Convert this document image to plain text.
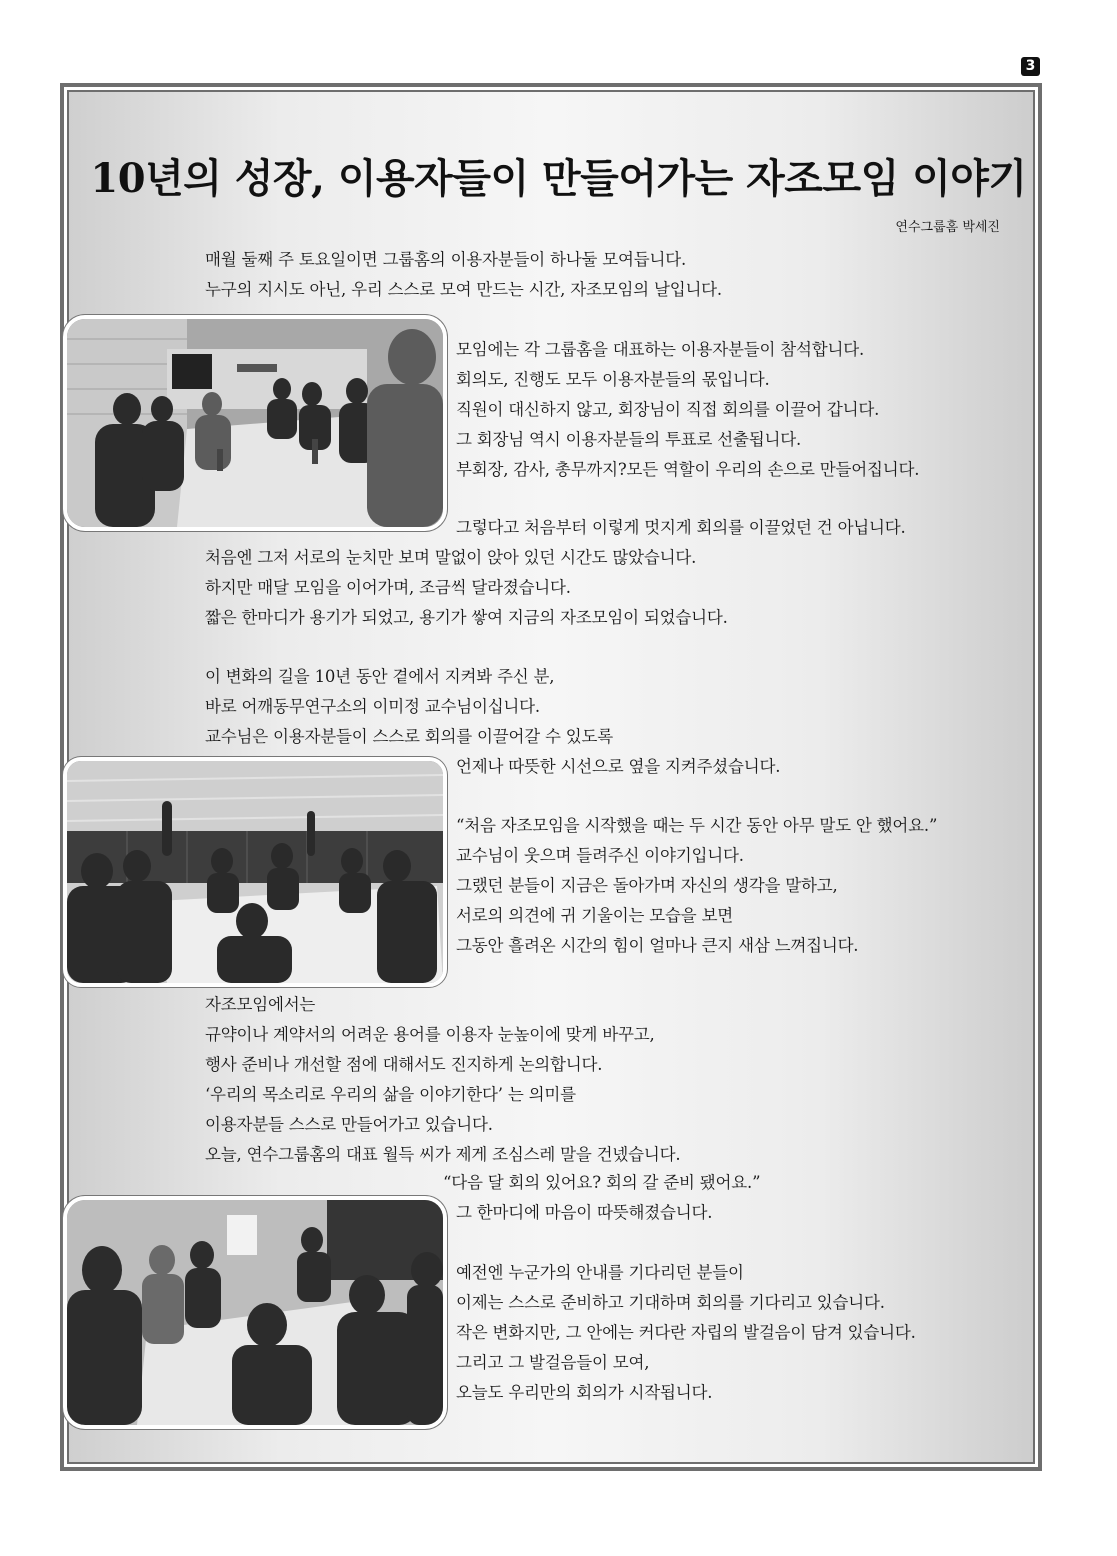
3
10년의 성장, 이용자들이 만들어가는 자조모임 이야기
연수그룹홈 박세진
매월 둘째 주 토요일이면 그룹홈의 이용자분들이 하나둘 모여듭니다.
누구의 지시도 아닌, 우리 스스로 모여 만드는 시간, 자조모임의 날입니다.
모임에는 각 그룹홈을 대표하는 이용자분들이 참석합니다.
회의도, 진행도 모두 이용자분들의 몫입니다.
직원이 대신하지 않고, 회장님이 직접 회의를 이끌어 갑니다.
그 회장님 역시 이용자분들의 투표로 선출됩니다.
부회장, 감사, 총무까지?모든 역할이 우리의 손으로 만들어집니다.
그렇다고 처음부터 이렇게 멋지게 회의를 이끌었던 건 아닙니다.
처음엔 그저 서로의 눈치만 보며 말없이 앉아 있던 시간도 많았습니다.
하지만 매달 모임을 이어가며, 조금씩 달라졌습니다.
짧은 한마디가 용기가 되었고, 용기가 쌓여 지금의 자조모임이 되었습니다.
이 변화의 길을 10년 동안 곁에서 지켜봐 주신 분,
바로 어깨동무연구소의 이미정 교수님이십니다.
교수님은 이용자분들이 스스로 회의를 이끌어갈 수 있도록
언제나 따뜻한 시선으로 옆을 지켜주셨습니다.
“처음 자조모임을 시작했을 때는 두 시간 동안 아무 말도 안 했어요.”
교수님이 웃으며 들려주신 이야기입니다.
그랬던 분들이 지금은 돌아가며 자신의 생각을 말하고,
서로의 의견에 귀 기울이는 모습을 보면
그동안 흘려온 시간의 힘이 얼마나 큰지 새삼 느껴집니다.
자조모임에서는
규약이나 계약서의 어려운 용어를 이용자 눈높이에 맞게 바꾸고,
행사 준비나 개선할 점에 대해서도 진지하게 논의합니다.
‘우리의 목소리로 우리의 삶을 이야기한다’ 는 의미를
이용자분들 스스로 만들어가고 있습니다.
오늘, 연수그룹홈의 대표 월득 씨가 제게 조심스레 말을 건넸습니다.
“다음 달 회의 있어요? 회의 갈 준비 됐어요.”
그 한마디에 마음이 따뜻해졌습니다.
예전엔 누군가의 안내를 기다리던 분들이
이제는 스스로 준비하고 기대하며 회의를 기다리고 있습니다.
작은 변화지만, 그 안에는 커다란 자립의 발걸음이 담겨 있습니다.
그리고 그 발걸음들이 모여,
오늘도 우리만의 회의가 시작됩니다.
